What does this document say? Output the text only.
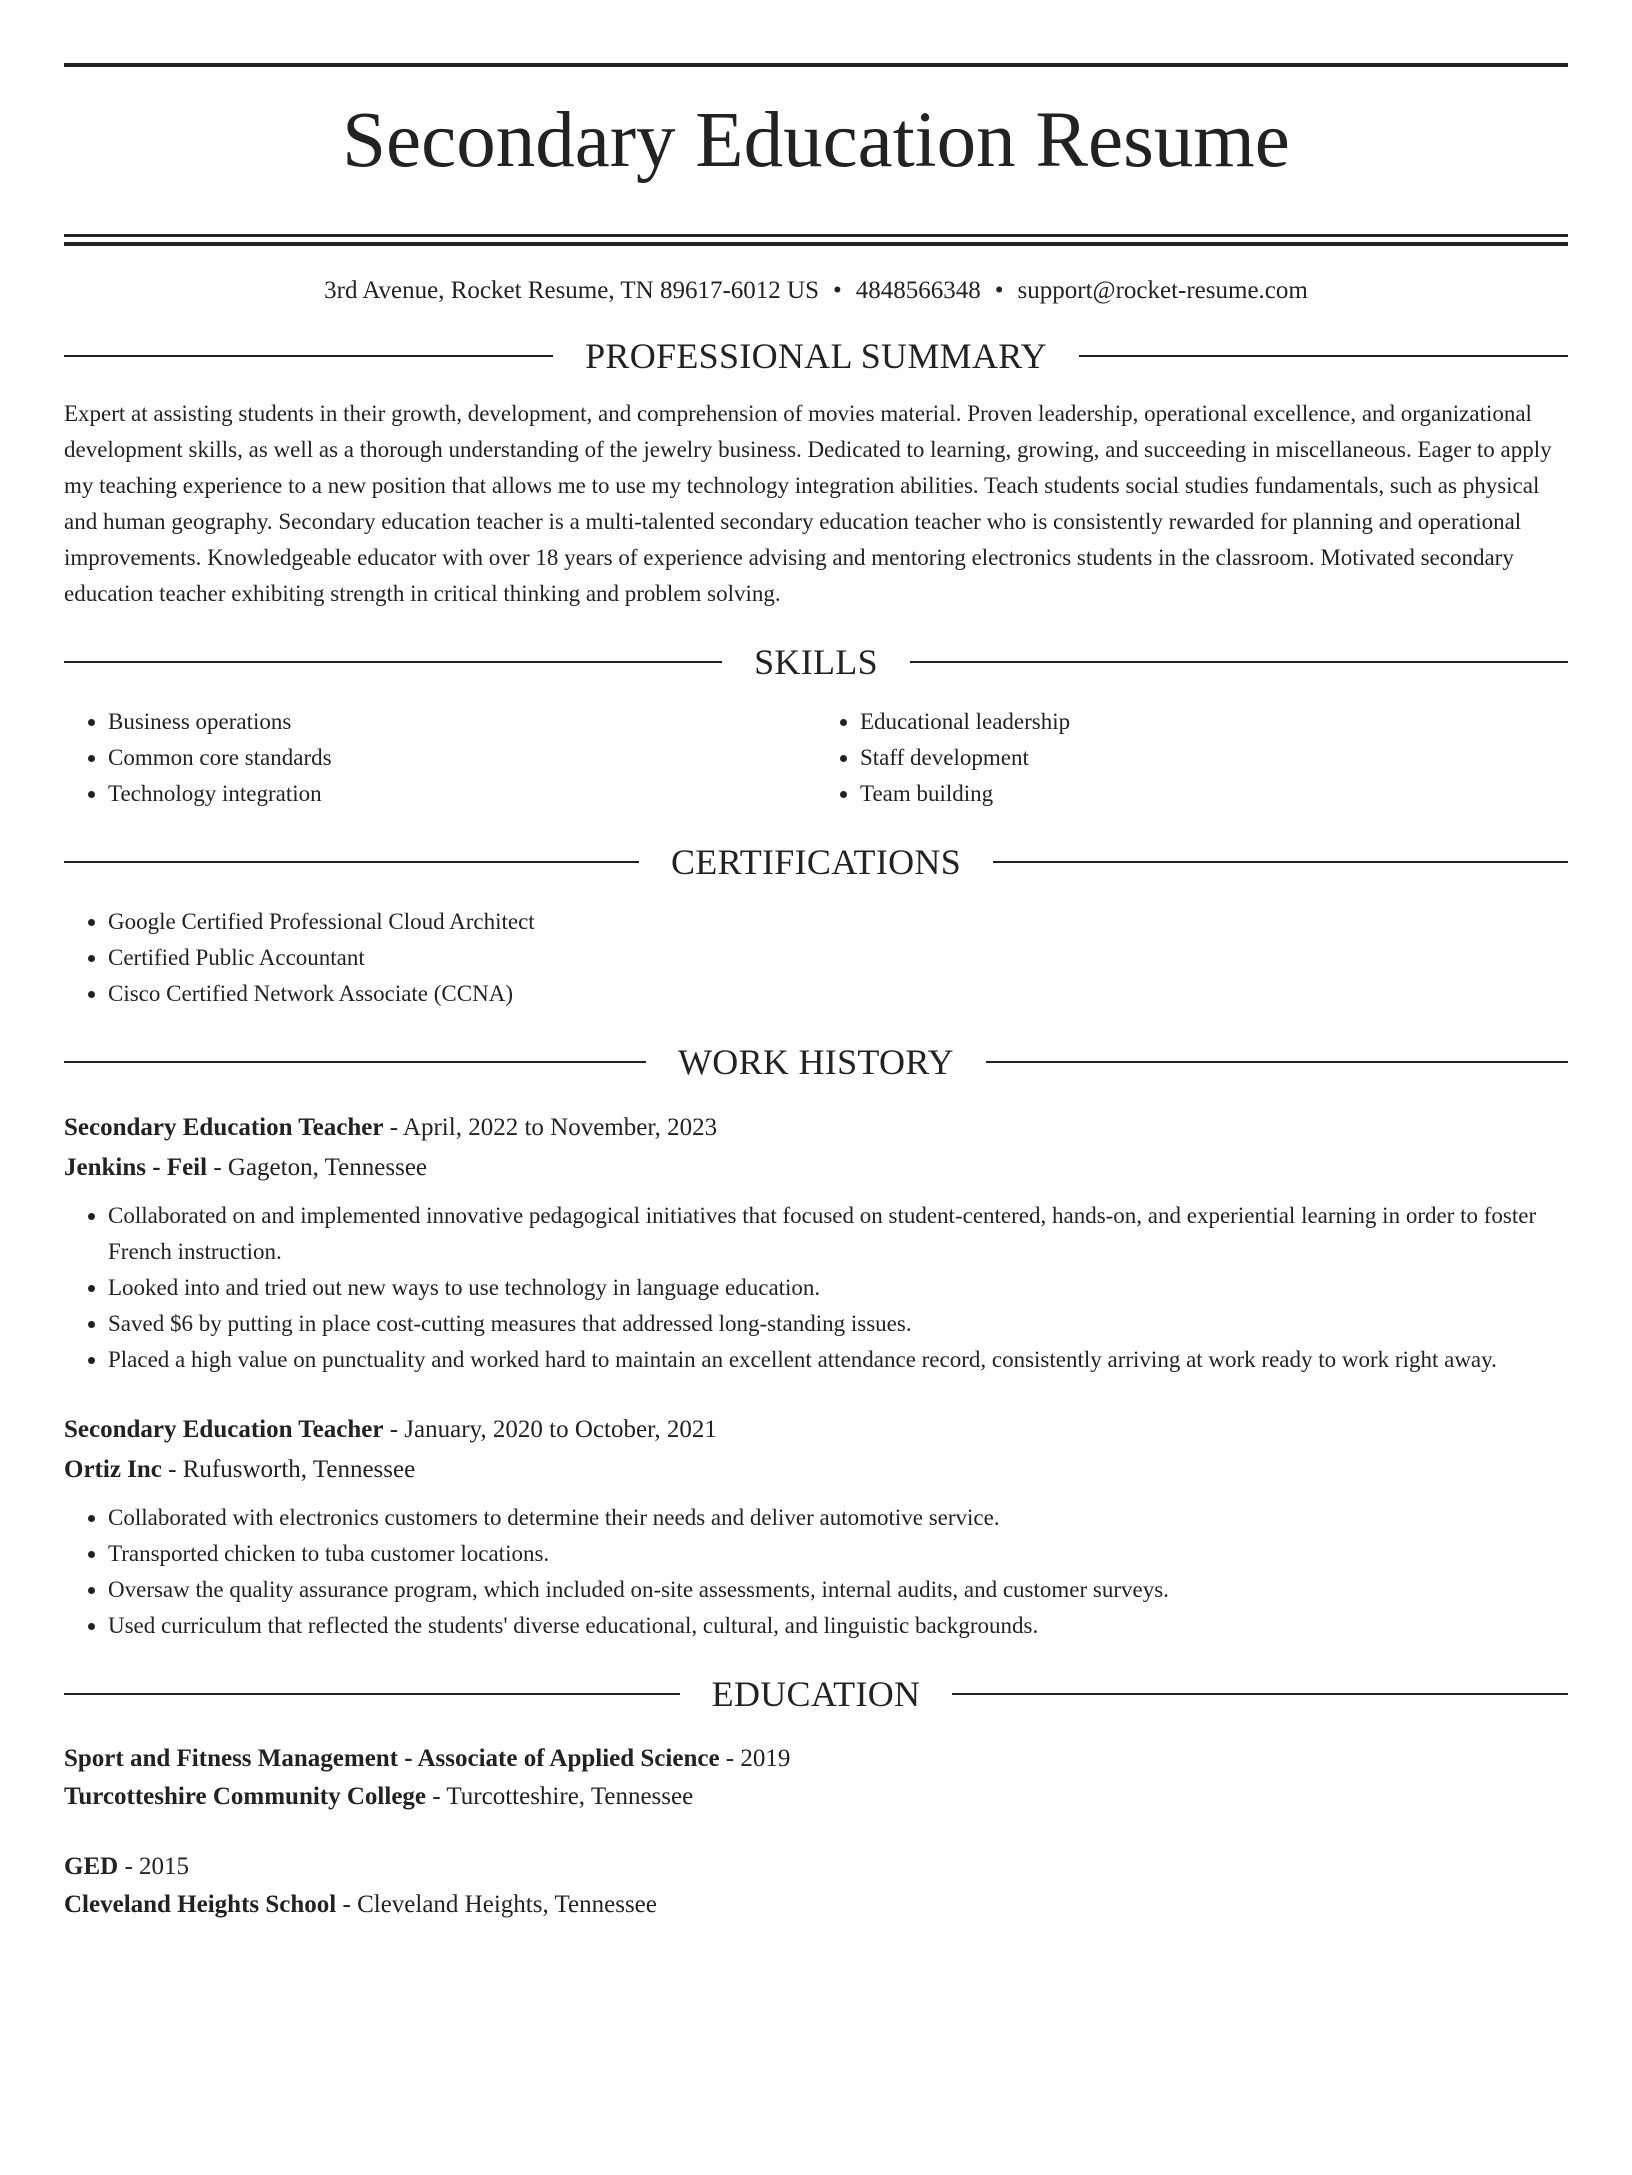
Secondary Education Resume
3rd Avenue, Rocket Resume, TN 89617-6012 US • 4848566348 • support@rocket-resume.com
PROFESSIONAL SUMMARY

Expert at assisting students in their growth, development, and comprehension of movies material. Proven leadership, operational excellence, and organizational development skills, as well as a thorough understanding of the jewelry business. Dedicated to learning, growing, and succeeding in miscellaneous. Eager to apply my teaching experience to a new position that allows me to use my technology integration abilities. Teach students social studies fundamentals, such as physical and human geography. Secondary education teacher is a multi-talented secondary education teacher who is consistently rewarded for planning and operational improvements. Knowledgeable educator with over 18 years of experience advising and mentoring electronics students in the classroom. Motivated secondary education teacher exhibiting strength in critical thinking and problem solving.

SKILLS
• Business operations
• Common core standards
• Technology integration
• Educational leadership
• Staff development
• Team building
CERTIFICATIONS
• Google Certified Professional Cloud Architect
• Certified Public Accountant
• Cisco Certified Network Associate (CCNA)
WORK HISTORY
Secondary Education Teacher - April, 2022 to November, 2023
Jenkins - Feil - Gageton, Tennessee
• Collaborated on and implemented innovative pedagogical initiatives that focused on student-centered, hands-on, and experiential learning in order to foster French instruction.
• Looked into and tried out new ways to use technology in language education.
• Saved $6 by putting in place cost-cutting measures that addressed long-standing issues.
• Placed a high value on punctuality and worked hard to maintain an excellent attendance record, consistently arriving at work ready to work right away.
Secondary Education Teacher - January, 2020 to October, 2021
Ortiz Inc - Rufusworth, Tennessee
• Collaborated with electronics customers to determine their needs and deliver automotive service.
• Transported chicken to tuba customer locations.
• Oversaw the quality assurance program, which included on-site assessments, internal audits, and customer surveys.
• Used curriculum that reflected the students' diverse educational, cultural, and linguistic backgrounds.
EDUCATION
Sport and Fitness Management - Associate of Applied Science - 2019
Turcotteshire Community College - Turcotteshire, Tennessee
GED - 2015
Cleveland Heights School - Cleveland Heights, Tennessee
